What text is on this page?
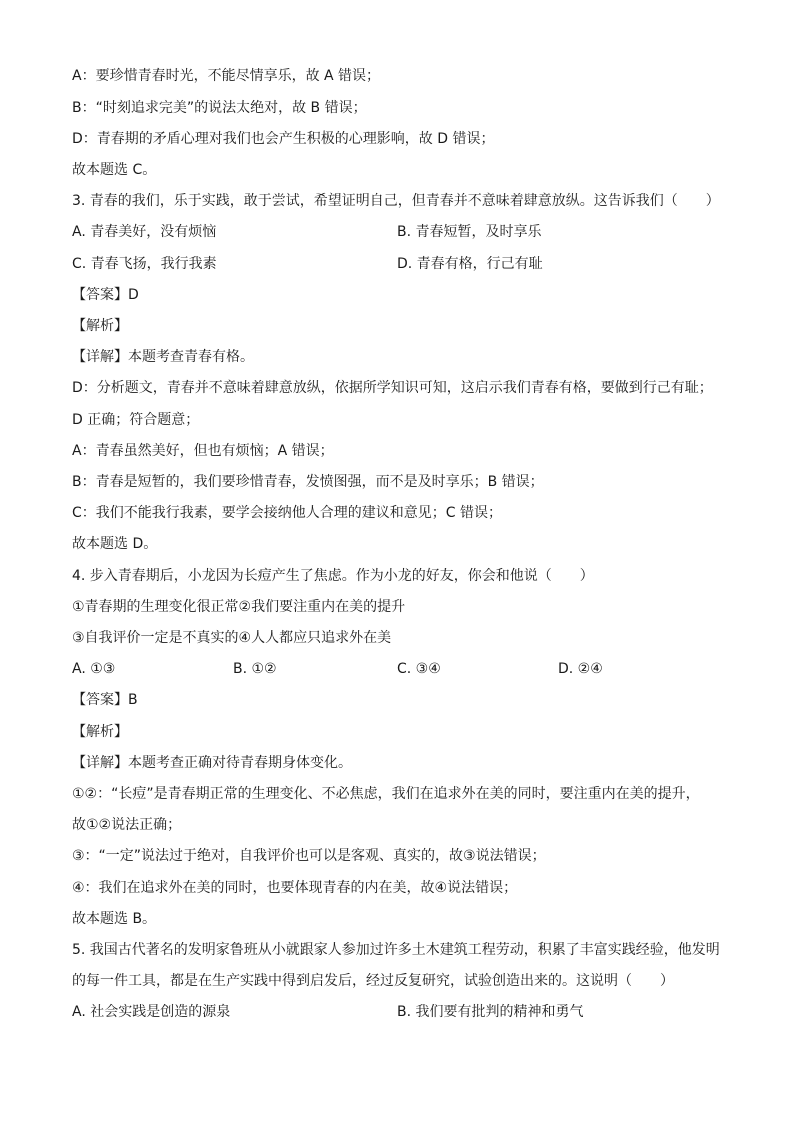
A：要珍惜青春时光，不能尽情享乐，故 A 错误；
B：“时刻追求完美”的说法太绝对，故 B 错误；
D：青春期的矛盾心理对我们也会产生积极的心理影响，故 D 错误；
故本题选 C。
3. 青春的我们，乐于实践，敢于尝试，希望证明自己，但青春并不意味着肆意放纵。这告诉我们（　　）
A. 青春美好，没有烦恼	B. 青春短暂，及时享乐
C. 青春飞扬，我行我素	D. 青春有格，行己有耻
【答案】D
【解析】
【详解】本题考查青春有格。
D：分析题文，青春并不意味着肆意放纵，依据所学知识可知，这启示我们青春有格，要做到行己有耻；
D 正确；符合题意；
A：青春虽然美好，但也有烦恼；A 错误；
B：青春是短暂的，我们要珍惜青春，发愤图强，而不是及时享乐；B 错误；
C：我们不能我行我素，要学会接纳他人合理的建议和意见；C 错误；
故本题选 D。
4. 步入青春期后，小龙因为长痘产生了焦虑。作为小龙的好友，你会和他说（　　）
①青春期的生理变化很正常②我们要注重内在美的提升
③自我评价一定是不真实的④人人都应只追求外在美
A. ①③	B. ①②	C. ③④	D. ②④
【答案】B
【解析】
【详解】本题考查正确对待青春期身体变化。
①②：“长痘”是青春期正常的生理变化、不必焦虑，我们在追求外在美的同时，要注重内在美的提升，
故①②说法正确；
③：“一定”说法过于绝对，自我评价也可以是客观、真实的，故③说法错误；
④：我们在追求外在美的同时，也要体现青春的内在美，故④说法错误；
故本题选 B。
5. 我国古代著名的发明家鲁班从小就跟家人参加过许多土木建筑工程劳动，积累了丰富实践经验，他发明
的每一件工具，都是在生产实践中得到启发后，经过反复研究，试验创造出来的。这说明（　　）
A. 社会实践是创造的源泉	B. 我们要有批判的精神和勇气
